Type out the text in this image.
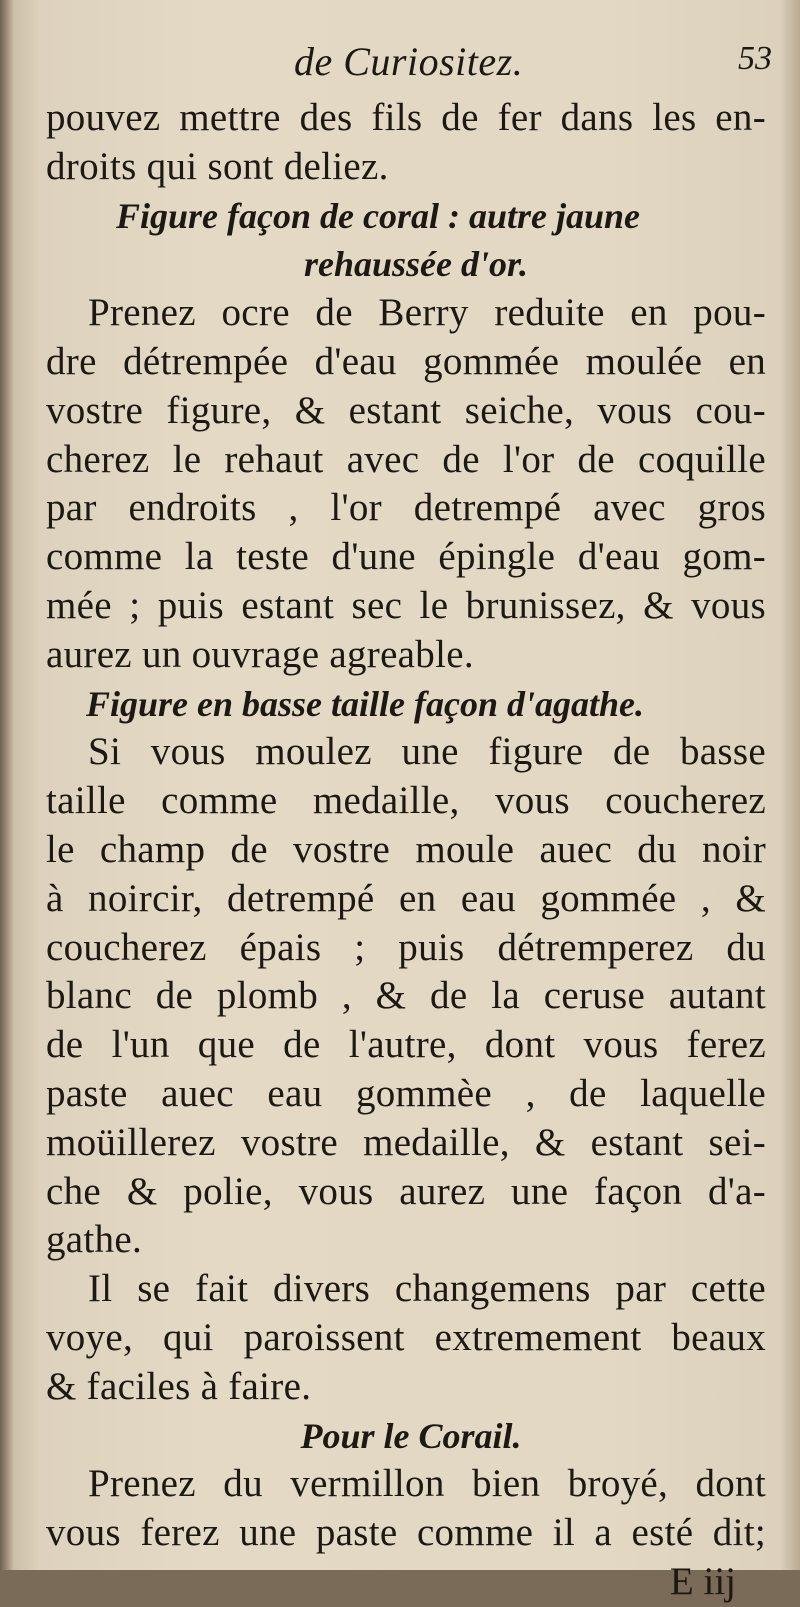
de Curiositez.	53
pouvez mettre des fils de fer dans les en-
droits qui sont deliez.
Figure façon de coral : autre jaune
rehaussée d'or.
Prenez ocre de Berry reduite en pou-
dre détrempée d'eau gommée moulée en
vostre figure, & estant seiche, vous cou-
cherez le rehaut avec de l'or de coquille
par endroits , l'or detrempé avec gros
comme la teste d'une épingle d'eau gom-
mée ; puis estant sec le brunissez, & vous
aurez un ouvrage agreable.
Figure en basse taille façon d'agathe.
Si vous moulez une figure de basse
taille comme medaille, vous coucherez
le champ de vostre moule auec du noir
à noircir, detrempé en eau gommée , &
coucherez épais ; puis détremperez du
blanc de plomb , & de la ceruse autant
de l'un que de l'autre, dont vous ferez
paste auec eau gommèe , de laquelle
moüillerez vostre medaille, & estant sei-
che & polie, vous aurez une façon d'a-
gathe.
Il se fait divers changemens par cette
voye, qui paroissent extremement beaux
& faciles à faire.
Pour le Corail.
Prenez du vermillon bien broyé, dont
vous ferez une paste comme il a esté dit;
E iij
